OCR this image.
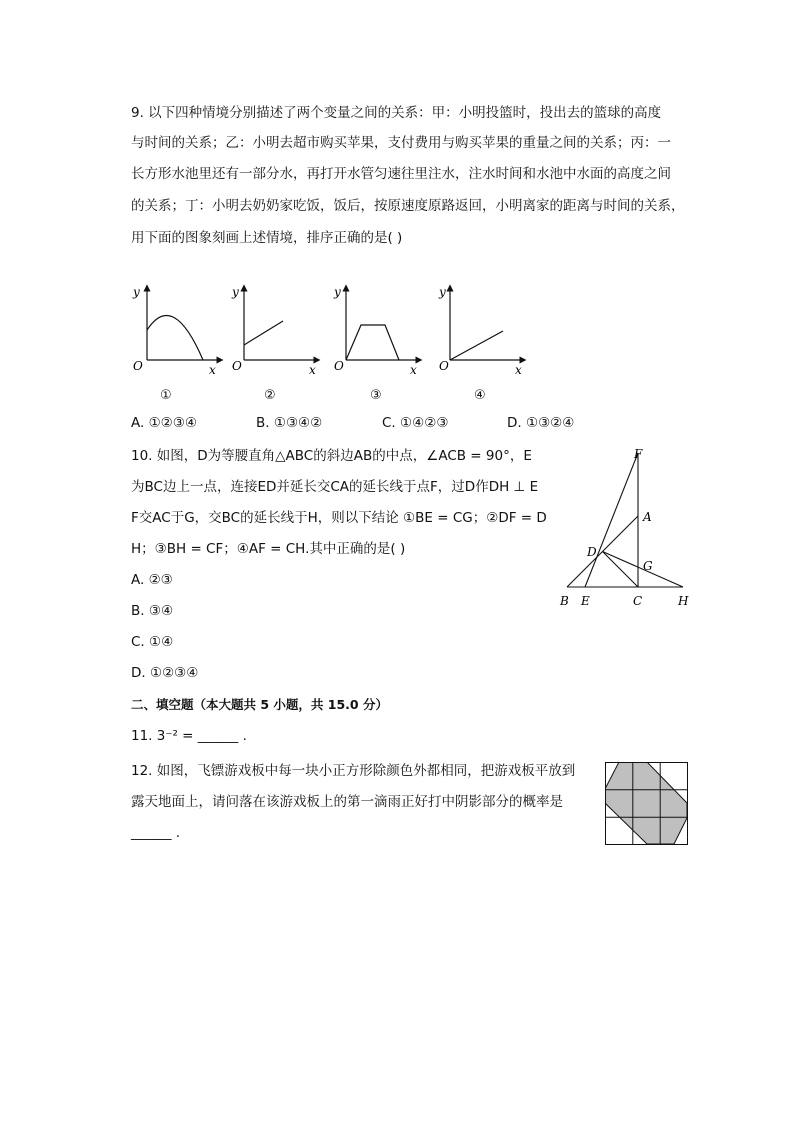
9. 以下四种情境分别描述了两个变量之间的关系：甲：小明投篮时，投出去的篮球的高度
与时间的关系；乙：小明去超市购买苹果，支付费用与购买苹果的重量之间的关系；丙：一
长方形水池里还有一部分水，再打开水管匀速往里注水，注水时间和水池中水面的高度之间
的关系；丁：小明去奶奶家吃饭，饭后，按原速度原路返回，小明离家的距离与时间的关系，
用下面的图象刻画上述情境，排序正确的是( )
y
O	x
y
O	x
y
O	x
y
O	x
①	②	③	④
A. ①②③④	B. ①③④②	C. ①④②③	D. ①③②④
10. 如图，D为等腰直角△ABC的斜边AB的中点，∠ACB = 90°，E
为BC边上一点，连接ED并延长交CA的延长线于点F，过D作DH ⊥ E
F交AC于G，交BC的延长线于H，则以下结论 ①BE = CG；②DF = D
H；③BH = CF；④AF = CH.其中正确的是( )
A. ②③
B. ③④
C. ①④
D. ①②③④
F
A
D
G
B E	C	H
二、填空题（本大题共 5 小题，共 15.0 分）
11. 3⁻² = ______ .
12. 如图，飞镖游戏板中每一块小正方形除颜色外都相同，把游戏板平放到
露天地面上，请问落在该游戏板上的第一滴雨正好打中阴影部分的概率是
______ .
